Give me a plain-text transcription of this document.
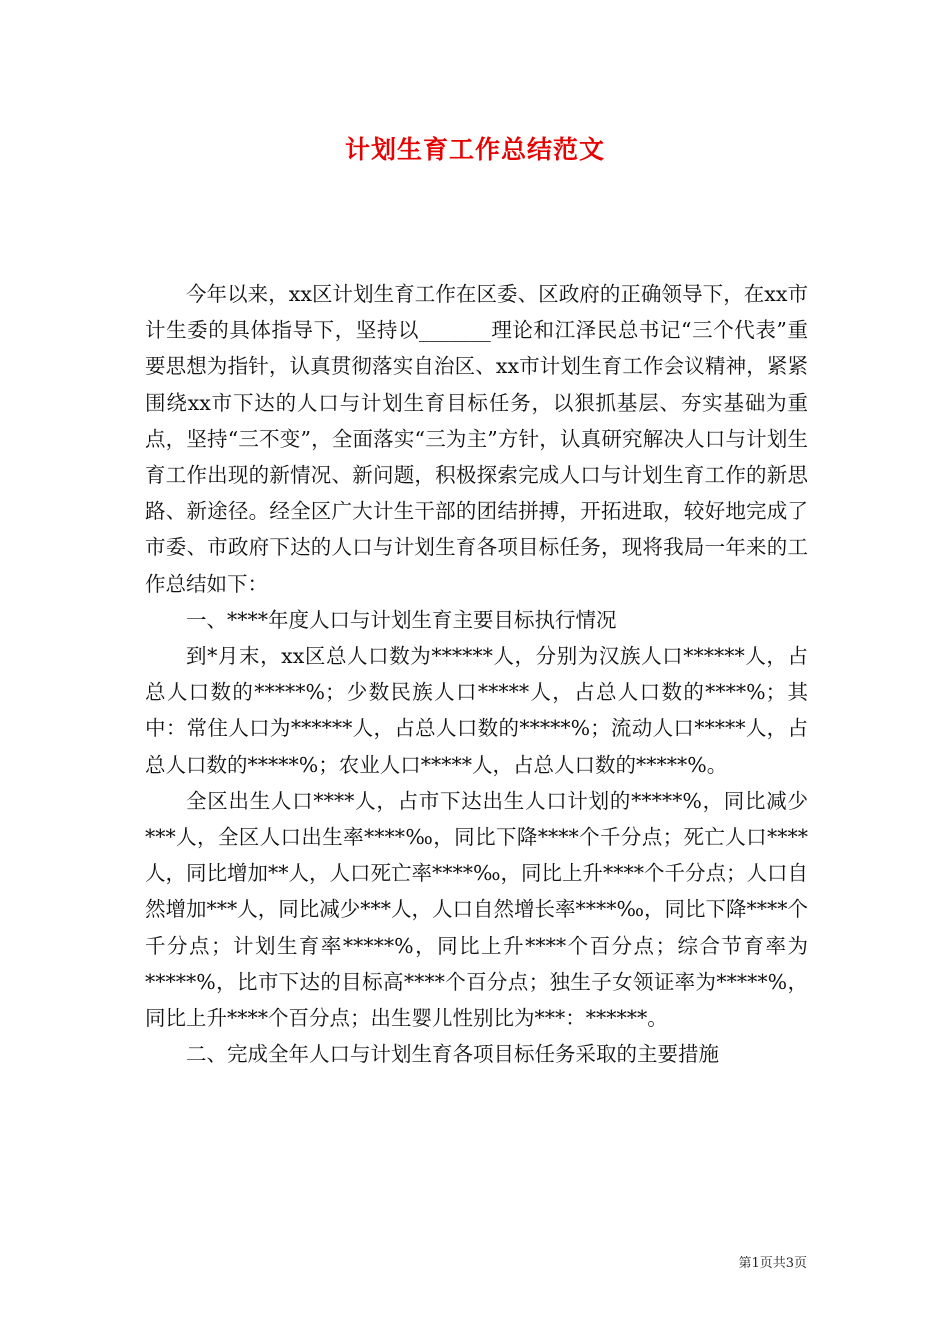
计划生育工作总结范文

今年以来，xx区计划生育工作在区委、区政府的正确领导下，在xx市计生委的具体指导下，坚持以_______理论和江泽民总书记“三个代表”重要思想为指针，认真贯彻落实自治区、xx市计划生育工作会议精神，紧紧围绕xx市下达的人口与计划生育目标任务，以狠抓基层、夯实基础为重点，坚持“三不变”，全面落实“三为主”方针，认真研究解决人口与计划生育工作出现的新情况、新问题，积极探索完成人口与计划生育工作的新思路、新途径。经全区广大计生干部的团结拼搏，开拓进取，较好地完成了市委、市政府下达的人口与计划生育各项目标任务，现将我局一年来的工作总结如下：

一、****年度人口与计划生育主要目标执行情况

到*月末，xx区总人口数为******人，分别为汉族人口******人，占总人口数的*****%；少数民族人口*****人，占总人口数的****%；其中：常住人口为******人，占总人口数的*****%；流动人口*****人，占总人口数的*****%；农业人口*****人，占总人口数的*****%。

全区出生人口****人，占市下达出生人口计划的*****%，同比减少***人，全区人口出生率****‰，同比下降****个千分点；死亡人口****人，同比增加**人，人口死亡率****‰，同比上升****个千分点；人口自然增加***人，同比减少***人，人口自然增长率****‰，同比下降****个千分点；计划生育率*****%，同比上升****个百分点；综合节育率为*****%，比市下达的目标高****个百分点；独生子女领证率为*****%，同比上升****个百分点；出生婴儿性别比为***：******。

二、完成全年人口与计划生育各项目标任务采取的主要措施

第1页共3页
